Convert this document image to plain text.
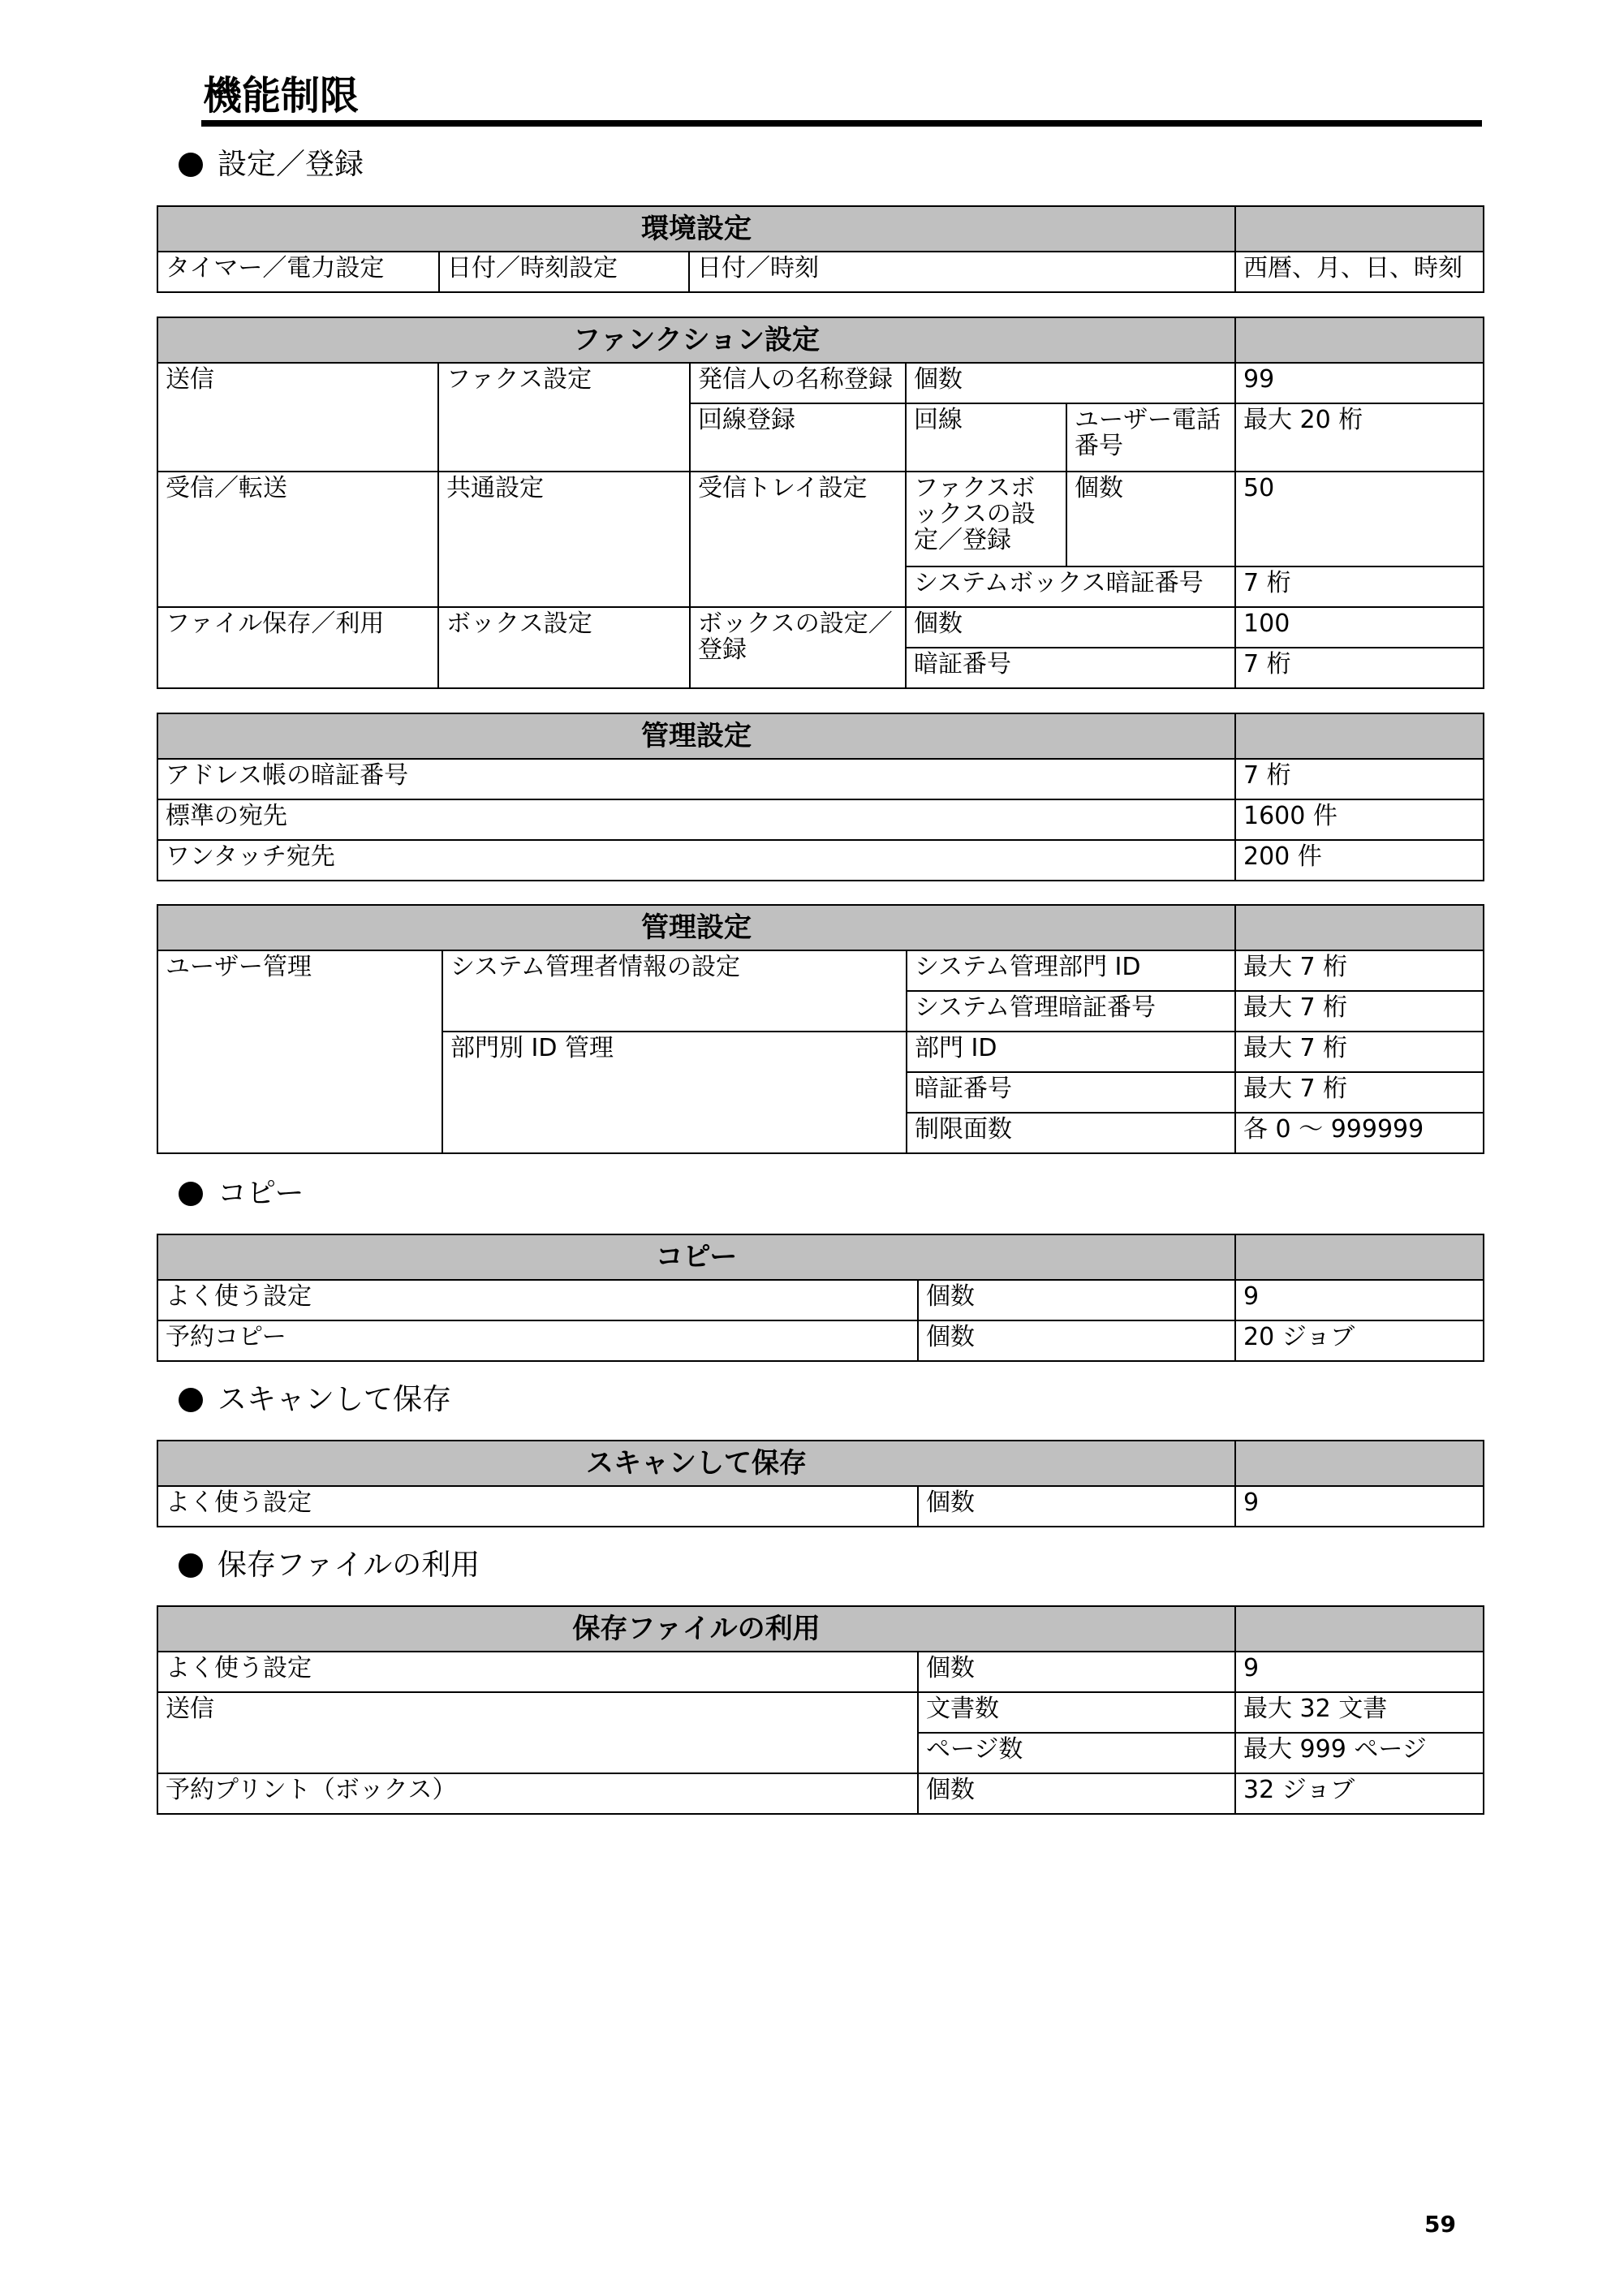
機能制限
設定／登録
環境設定			
タイマー／電力設定	日付／時刻設定	日付／時刻	西暦、月、日、時刻
ファンクション設定					
送信	ファクス設定	発信人の名称登録	個数		99
		回線登録	回線	ユーザー電話番号	最大 20 桁
受信／転送	共通設定	受信トレイ設定	ファクスボックスの設定／登録	個数	50
			システムボックス暗証番号		7 桁
ファイル保存／利用	ボックス設定	ボックスの設定／登録	個数		100
			暗証番号		7 桁
管理設定	
アドレス帳の暗証番号	7 桁
標準の宛先	1600 件
ワンタッチ宛先	200 件
管理設定			
ユーザー管理	システム管理者情報の設定	システム管理部門 ID	最大 7 桁
		システム管理暗証番号	最大 7 桁
	部門別 ID 管理	部門 ID	最大 7 桁
		暗証番号	最大 7 桁
		制限面数	各 0 ～ 999999
コピー
コピー		
よく使う設定	個数	9
予約コピー	個数	20 ジョブ
スキャンして保存
スキャンして保存		
よく使う設定	個数	9
保存ファイルの利用
保存ファイルの利用		
よく使う設定	個数	9
送信	文書数	最大 32 文書
	ページ数	最大 999 ページ
予約プリント（ボックス）	個数	32 ジョブ
59
